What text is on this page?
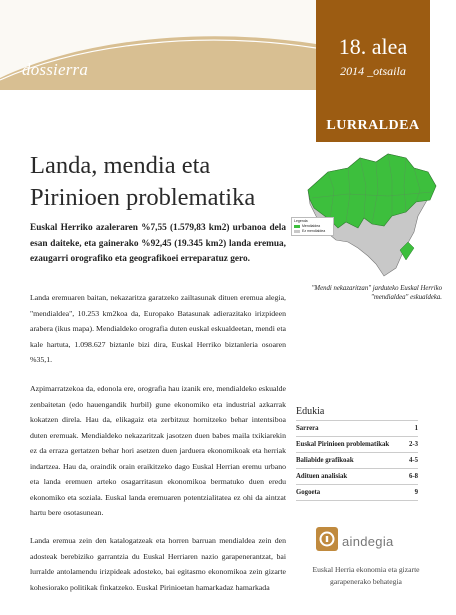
dossierra
18. alea
2014 _otsaila
LURRALDEA
Landa, mendia eta Pirinioen problematika
Euskal Herriko azaleraren %7,55 (1.579,83 km2) urbanoa dela esan daiteke, eta gainerako %92,45 (19.345 km2) landa eremua, ezaugarri orografiko eta geografikoei erreparatuz gero.
Landa eremuaren baitan, nekazaritza garatzeko zailtasunak dituen eremua alegia, "mendialdea", 10.253 km2koa da, Europako Batasunak adierazitako irizpideen arabera (ikus mapa). Mendialdeko orografia duten euskal eskualdeetan, mendi eta kale hartuta, 1.098.627 biztanle bizi dira, Euskal Herriko biztanleria osoaren %35,1.
Azpimarratzekoa da, edonola ere, orografia hau izanik ere, mendialdeko eskualde zenbaitetan (edo hauengandik hurbil) gune ekonomiko eta industrial azkarrak kokatzen direla. Hau da, elikagaiz eta zerbitzuz hornitzeko behar intentsiboa duten eremuak. Mendialdeko nekazaritzak jasotzen duen babes maila txikiarekin ez da erraza gertatzen behar hori asetzen duen jarduera ekonomikoak eta herriak indartzea. Hau da, oraindik orain eraikitzeko dago Euskal Herrian eremu urbano eta landa eremuen arteko osagarritasun ekonomikoa bermatuko duen eredu ekonomiko eta soziala. Euskal landa eremuaren potentzialitatea ez ohi da aintzat hartu bere osotasunean.
Landa eremua zein den katalogatzeak eta horren barruan mendialdea zein den adosteak berebiziko garrantzia du Euskal Herriaren nazio garapenerantzat, bai lurralde antolamendu irizpideak adosteko, bai egitasmo ekonomikoa zein gizarte kohesiorako politikak finkatzeko. Euskal Pirinioetan hamarkadaz hamarkada
Legenda
Mendialdea
Ez mendialdea
"Mendi nekazaritzan" jarduteko Euskal Herriko "mendialdea" eskualdeka.
Edukia
Sarrera	1
Euskal Pirinioen problematikak	2-3
Baliabide grafikoak	4-5
Adituen analisiak	6-8
Gogoeta	9
aindegia
Euskal Herria ekonomia eta gizarte garapenerako behategia
